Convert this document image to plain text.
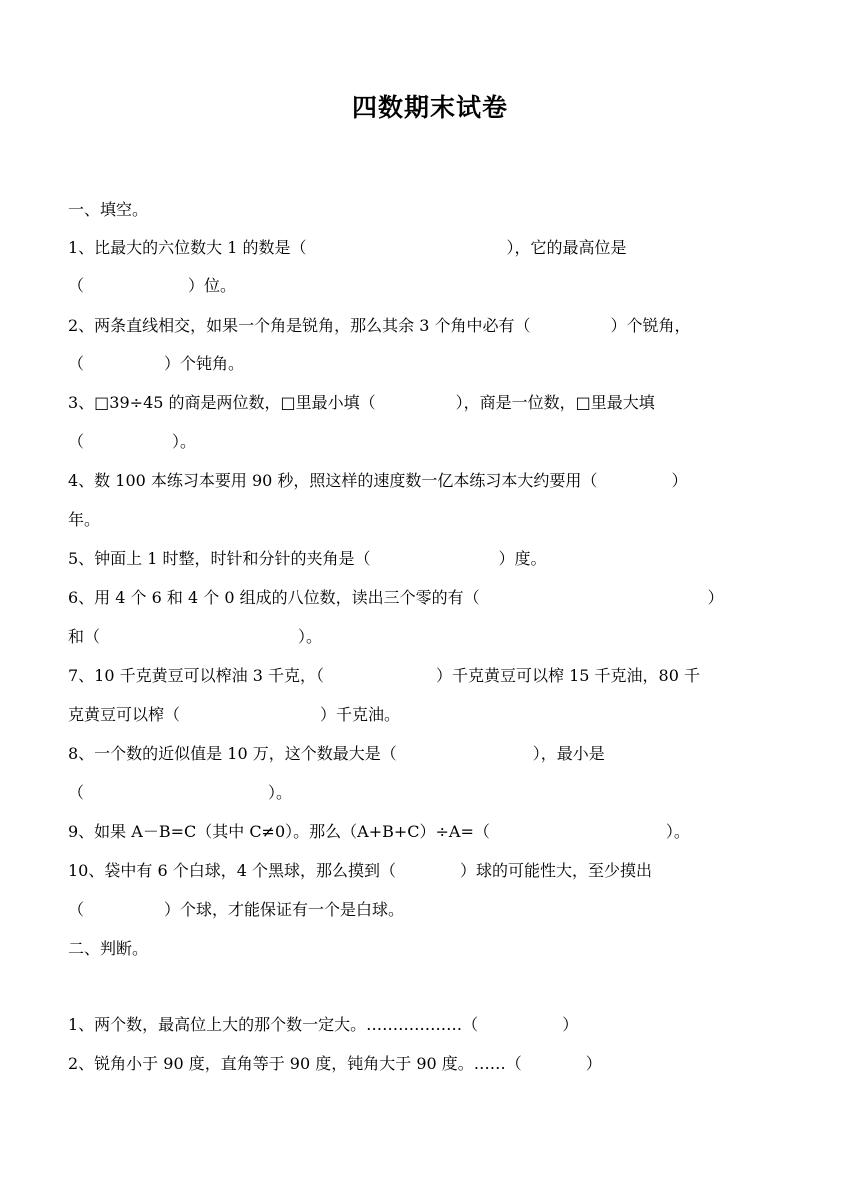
四数期末试卷
一、填空。
1、比最大的六位数大 1 的数是（	），它的最高位是
（	）位。
2、两条直线相交，如果一个角是锐角，那么其余 3 个角中必有（	）个锐角，
（	）个钝角。
3、□39÷45 的商是两位数，□里最小填（	），商是一位数，□里最大填
（	）。
4、数 100 本练习本要用 90 秒，照这样的速度数一亿本练习本大约要用（	）
年。
5、钟面上 1 时整，时针和分针的夹角是（	）度。
6、用 4 个 6 和 4 个 0 组成的八位数，读出三个零的有（	）
和（	）。
7、10 千克黄豆可以榨油 3 千克，（	）千克黄豆可以榨 15 千克油，80 千
克黄豆可以榨（	）千克油。
8、一个数的近似值是 10 万，这个数最大是（	），最小是
（	）。
9、如果 A－B=C（其中 C≠0）。那么（A+B+C）÷A=（	）。
10、袋中有 6 个白球，4 个黑球，那么摸到（	）球的可能性大，至少摸出
（	）个球，才能保证有一个是白球。
二、判断。
1、两个数，最高位上大的那个数一定大。………………（	）
2、锐角小于 90 度，直角等于 90 度，钝角大于 90 度。……（	）
